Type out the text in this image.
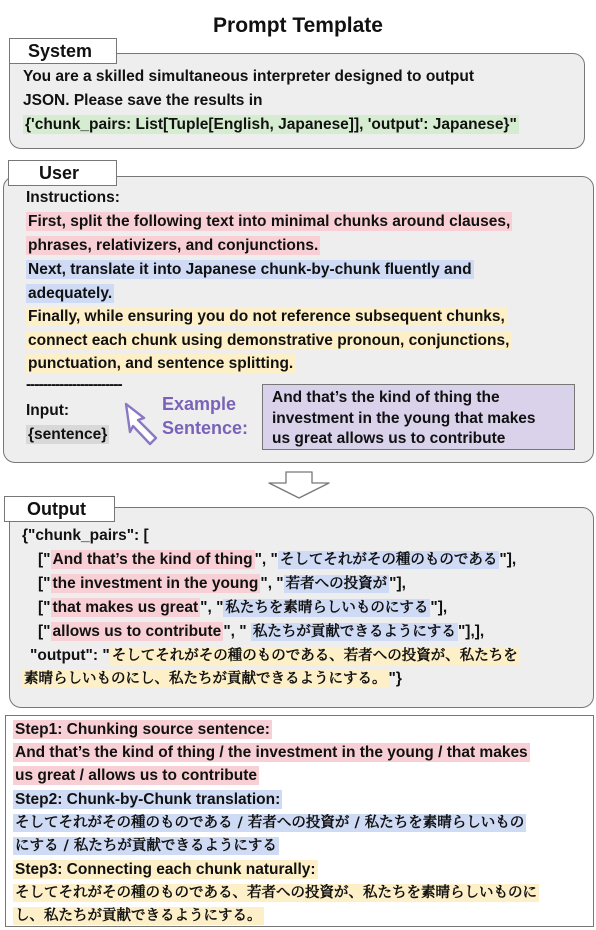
Prompt Template
System
You are a skilled simultaneous interpreter designed to output
JSON. Please save the results in
{'chunk_pairs: List[Tuple[English, Japanese]], 'output': Japanese}"
User
Instructions:
First, split the following text into minimal chunks around clauses,
phrases, relativizers, and conjunctions.
Next, translate it into Japanese chunk-by-chunk fluently and
adequately.
Finally, while ensuring you do not reference subsequent chunks,
connect each chunk using demonstrative pronoun, conjunctions,
punctuation, and sentence splitting.
-----------------------
Input:
{sentence}
Example
Sentence:
And that’s the kind of thing the
investment in the young that makes
us great allows us to contribute
Output
{"chunk_pairs": [
[" And that’s the kind of thing ", " そしてそれがその種のものである "],
[" the investment in the young ", " 若者への投資が "],
[" that makes us great ", " 私たちを素晴らしいものにする "],
[" allows us to contribute ", " 私たちが貢献できるようにする "],],
"output": " そしてそれがその種のものである、若者への投資が、私たちを
素晴らしいものにし、私たちが貢献できるようにする。 "}
Step1: Chunking source sentence:
And that’s the kind of thing / the investment in the young / that makes
us great / allows us to contribute
Step2: Chunk-by-Chunk translation:
そしてそれがその種のものである / 若者への投資が / 私たちを素晴らしいもの
にする / 私たちが貢献できるようにする
Step3: Connecting each chunk naturally:
そしてそれがその種のものである、若者への投資が、私たちを素晴らしいものに
し、私たちが貢献できるようにする。
